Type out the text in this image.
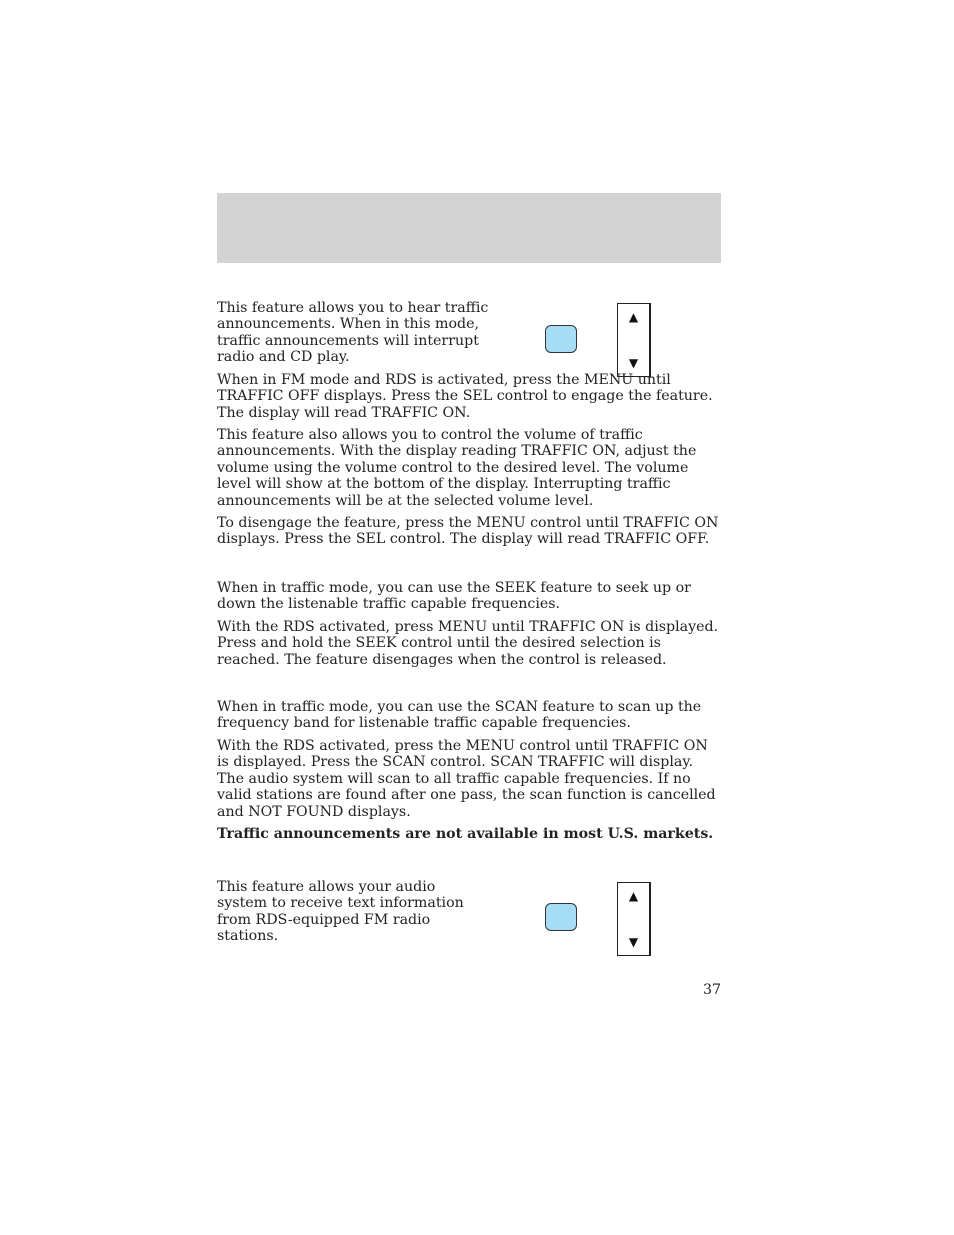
This feature allows you to hear traffic announcements. When in this mode, traffic announcements will interrupt radio and CD play.

▲
▼

When in FM mode and RDS is activated, press the MENU until TRAFFIC OFF displays. Press the SEL control to engage the feature. The display will read TRAFFIC ON.

This feature also allows you to control the volume of traffic announcements. With the display reading TRAFFIC ON, adjust the volume using the volume control to the desired level. The volume level will show at the bottom of the display. Interrupting traffic announcements will be at the selected volume level.

To disengage the feature, press the MENU control until TRAFFIC ON displays. Press the SEL control. The display will read TRAFFIC OFF.

When in traffic mode, you can use the SEEK feature to seek up or down the listenable traffic capable frequencies.

With the RDS activated, press MENU until TRAFFIC ON is displayed. Press and hold the SEEK control until the desired selection is reached. The feature disengages when the control is released.

When in traffic mode, you can use the SCAN feature to scan up the frequency band for listenable traffic capable frequencies.

With the RDS activated, press the MENU control until TRAFFIC ON is displayed. Press the SCAN control. SCAN TRAFFIC will display. The audio system will scan to all traffic capable frequencies. If no valid stations are found after one pass, the scan function is cancelled and NOT FOUND displays.

Traffic announcements are not available in most U.S. markets.

This feature allows your audio system to receive text information from RDS-equipped FM radio stations.

▲
▼
37
